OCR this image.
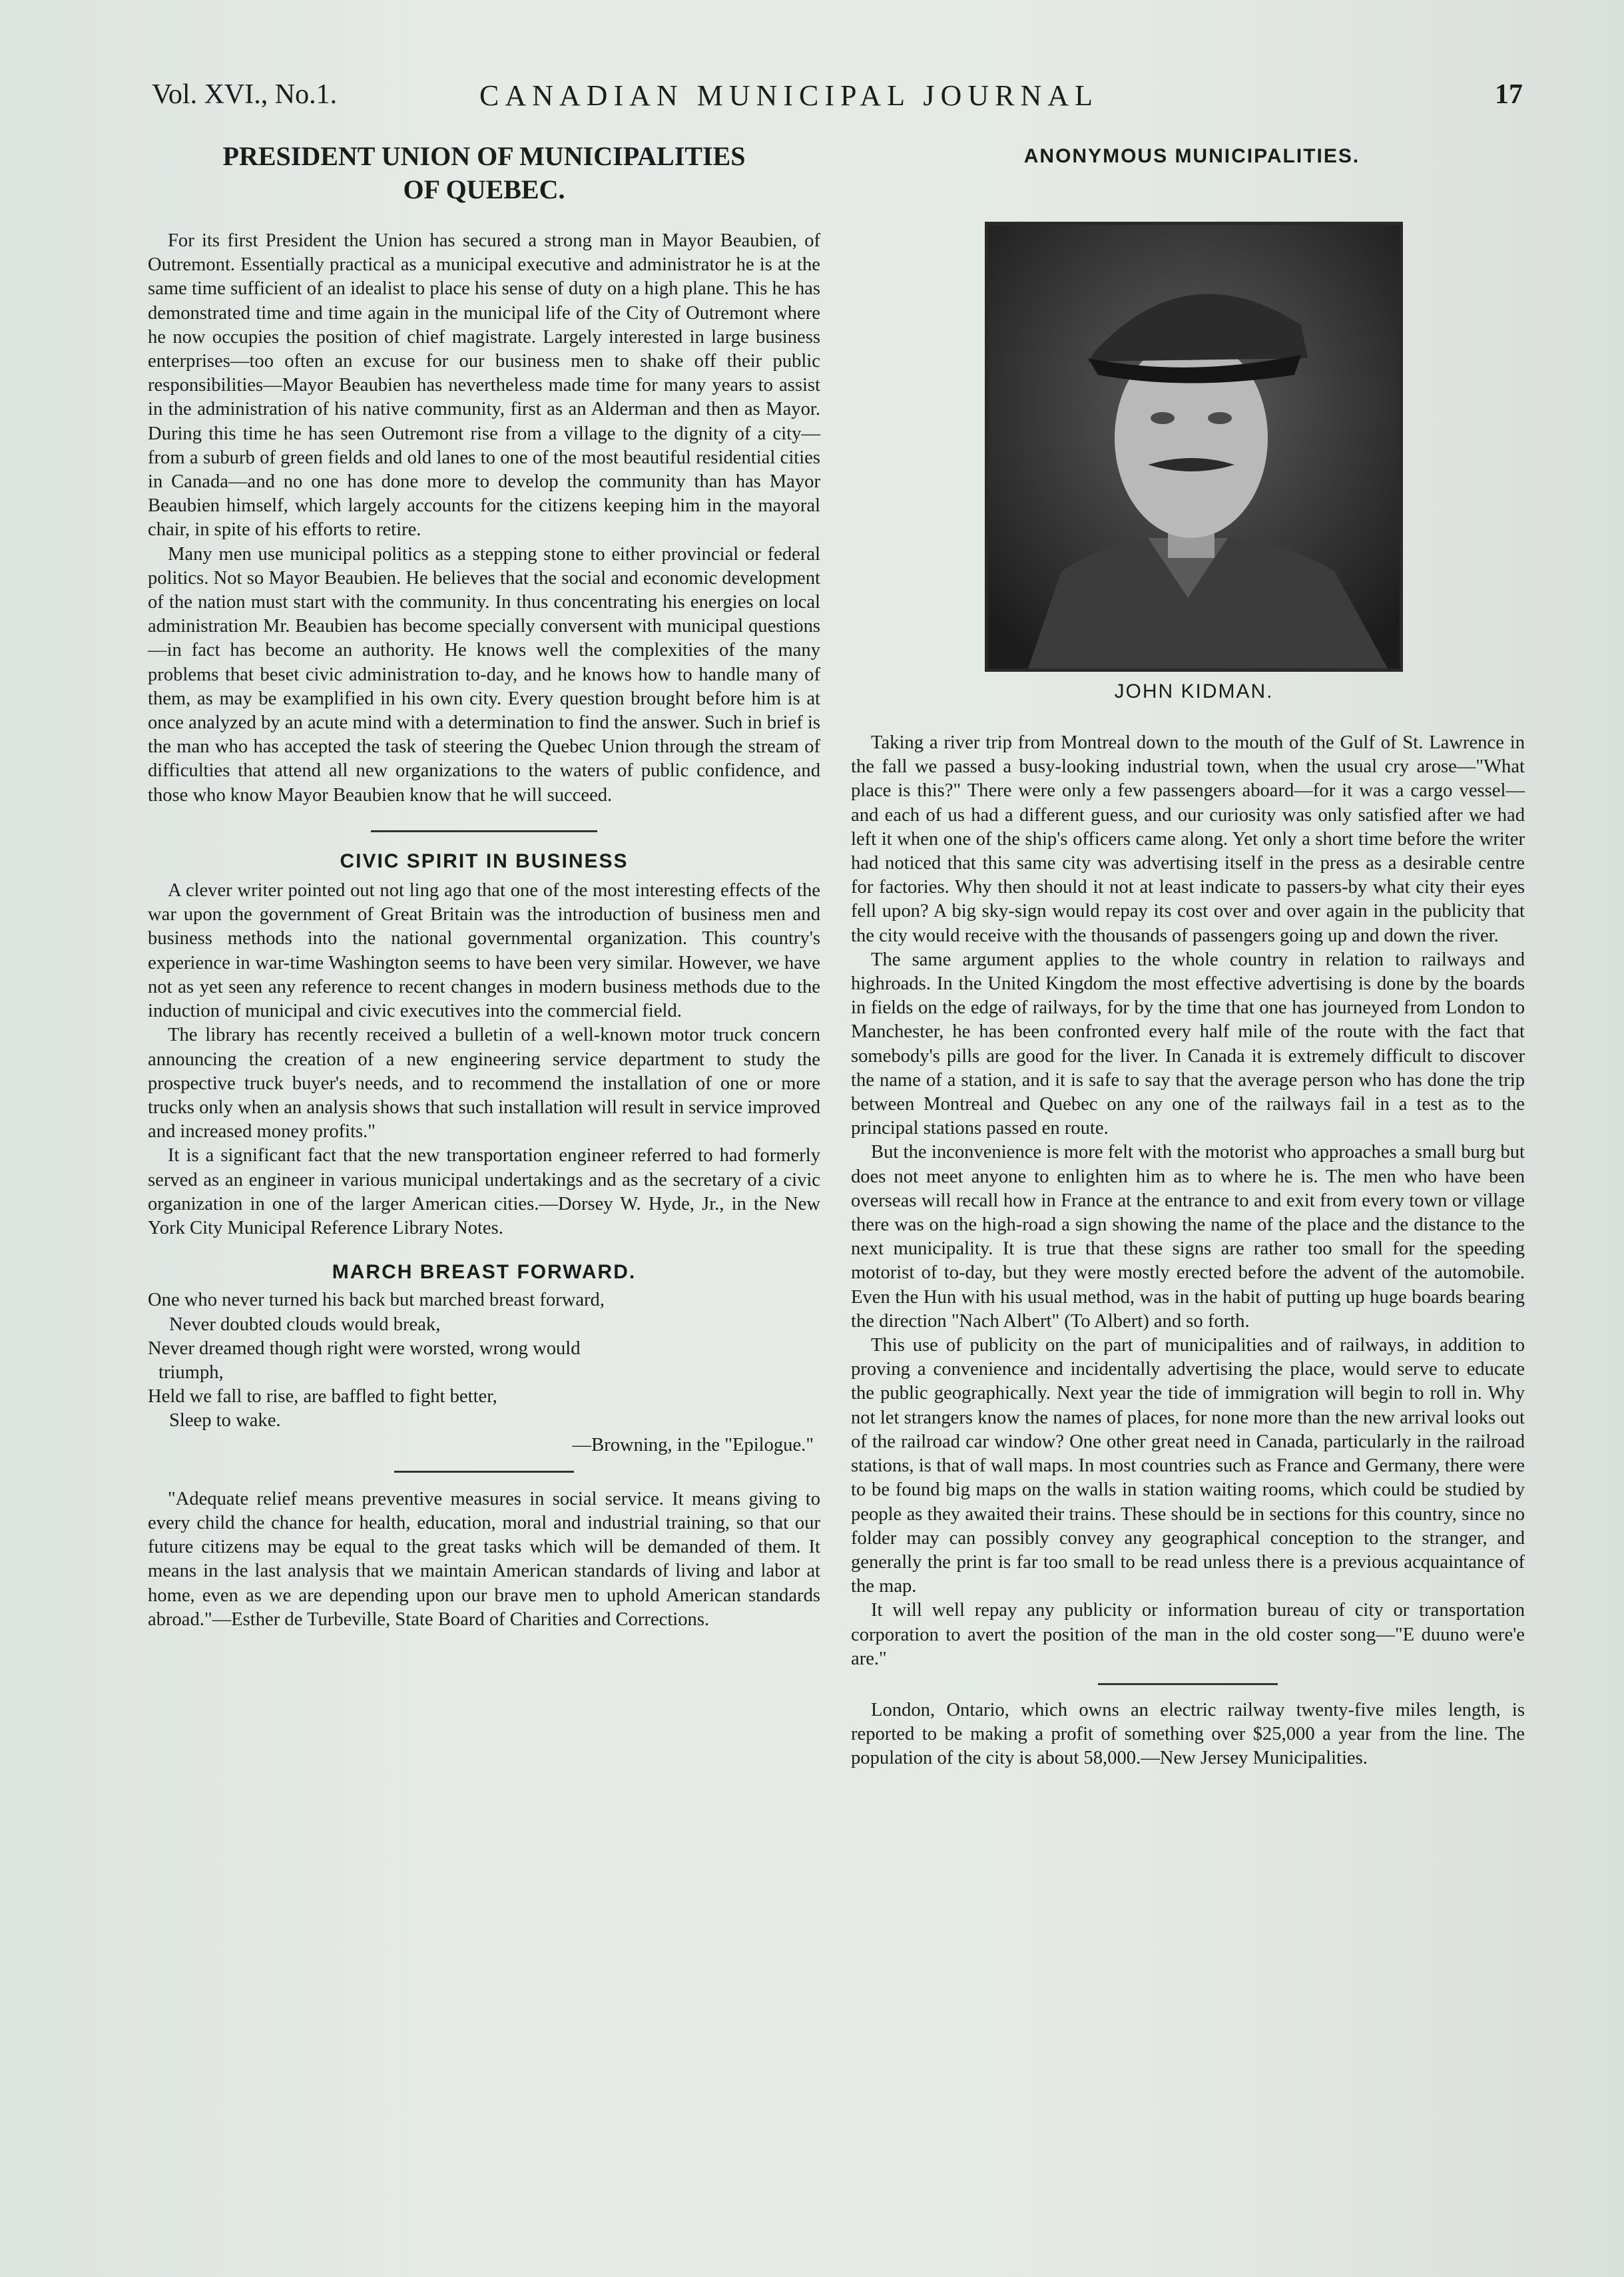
Vol. XVI., No.1.	CANADIAN MUNICIPAL JOURNAL	17
PRESIDENT UNION OF MUNICIPALITIES
OF QUEBEC.

For its first President the Union has secured a strong man in Mayor Beaubien, of Outremont. Essentially practical as a municipal executive and administrator he is at the same time sufficient of an idealist to place his sense of duty on a high plane. This he has demonstrated time and time again in the municipal life of the City of Outremont where he now occupies the position of chief magistrate. Largely interested in large business enterprises—too often an excuse for our business men to shake off their public responsibilities—Mayor Beaubien has nevertheless made time for many years to assist in the administration of his native community, first as an Alderman and then as Mayor. During this time he has seen Outremont rise from a village to the dignity of a city—from a suburb of green fields and old lanes to one of the most beautiful residential cities in Canada—and no one has done more to develop the community than has Mayor Beaubien himself, which largely accounts for the citizens keeping him in the mayoral chair, in spite of his efforts to retire.

Many men use municipal politics as a stepping stone to either provincial or federal politics. Not so Mayor Beaubien. He believes that the social and economic development of the nation must start with the community. In thus concentrating his energies on local administration Mr. Beaubien has become specially conversent with municipal questions—in fact has become an authority. He knows well the complexities of the many problems that beset civic administration to-day, and he knows how to handle many of them, as may be examplified in his own city. Every question brought before him is at once analyzed by an acute mind with a determination to find the answer. Such in brief is the man who has accepted the task of steering the Quebec Union through the stream of difficulties that attend all new organizations to the waters of public confidence, and those who know Mayor Beaubien know that he will succeed.

CIVIC SPIRIT IN BUSINESS

A clever writer pointed out not ling ago that one of the most interesting effects of the war upon the government of Great Britain was the introduction of business men and business methods into the national governmental organization. This country's experience in war-time Washington seems to have been very similar. However, we have not as yet seen any reference to recent changes in modern business methods due to the induction of municipal and civic executives into the commercial field.

The library has recently received a bulletin of a well-known motor truck concern announcing the creation of a new engineering service department to study the prospective truck buyer's needs, and to recommend the installation of one or more trucks only when an analysis shows that such installation will result in service improved and increased money profits."

It is a significant fact that the new transportation engineer referred to had formerly served as an engineer in various municipal undertakings and as the secretary of a civic organization in one of the larger American cities.—Dorsey W. Hyde, Jr., in the New York City Municipal Reference Library Notes.

MARCH BREAST FORWARD.
One who never turned his back but marched breast forward,
Never doubted clouds would break,
Never dreamed though right were worsted, wrong would
triumph,
Held we fall to rise, are baffled to fight better,
Sleep to wake.
—Browning, in the "Epilogue."

"Adequate relief means preventive measures in social service. It means giving to every child the chance for health, education, moral and industrial training, so that our future citizens may be equal to the great tasks which will be demanded of them. It means in the last analysis that we maintain American standards of living and labor at home, even as we are depending upon our brave men to uphold American standards abroad."—Esther de Turbeville, State Board of Charities and Corrections.

ANONYMOUS MUNICIPALITIES.
JOHN KIDMAN.

Taking a river trip from Montreal down to the mouth of the Gulf of St. Lawrence in the fall we passed a busy-looking industrial town, when the usual cry arose—"What place is this?" There were only a few passengers aboard—for it was a cargo vessel—and each of us had a different guess, and our curiosity was only satisfied after we had left it when one of the ship's officers came along. Yet only a short time before the writer had noticed that this same city was advertising itself in the press as a desirable centre for factories. Why then should it not at least indicate to passers-by what city their eyes fell upon? A big sky-sign would repay its cost over and over again in the publicity that the city would receive with the thousands of passengers going up and down the river.

The same argument applies to the whole country in relation to railways and highroads. In the United Kingdom the most effective advertising is done by the boards in fields on the edge of railways, for by the time that one has journeyed from London to Manchester, he has been confronted every half mile of the route with the fact that somebody's pills are good for the liver. In Canada it is extremely difficult to discover the name of a station, and it is safe to say that the average person who has done the trip between Montreal and Quebec on any one of the railways fail in a test as to the principal stations passed en route.

But the inconvenience is more felt with the motorist who approaches a small burg but does not meet anyone to enlighten him as to where he is. The men who have been overseas will recall how in France at the entrance to and exit from every town or village there was on the high-road a sign showing the name of the place and the distance to the next municipality. It is true that these signs are rather too small for the speeding motorist of to-day, but they were mostly erected before the advent of the automobile. Even the Hun with his usual method, was in the habit of putting up huge boards bearing the direction "Nach Albert" (To Albert) and so forth.

This use of publicity on the part of municipalities and of railways, in addition to proving a convenience and incidentally advertising the place, would serve to educate the public geographically. Next year the tide of immigration will begin to roll in. Why not let strangers know the names of places, for none more than the new arrival looks out of the railroad car window? One other great need in Canada, particularly in the railroad stations, is that of wall maps. In most countries such as France and Germany, there were to be found big maps on the walls in station waiting rooms, which could be studied by people as they awaited their trains. These should be in sections for this country, since no folder may can possibly convey any geographical conception to the stranger, and generally the print is far too small to be read unless there is a previous acquaintance of the map.

It will well repay any publicity or information bureau of city or transportation corporation to avert the position of the man in the old coster song—"E duuno were'e are."

London, Ontario, which owns an electric railway twenty-five miles length, is reported to be making a profit of something over $25,000 a year from the line. The population of the city is about 58,000.—New Jersey Municipalities.
